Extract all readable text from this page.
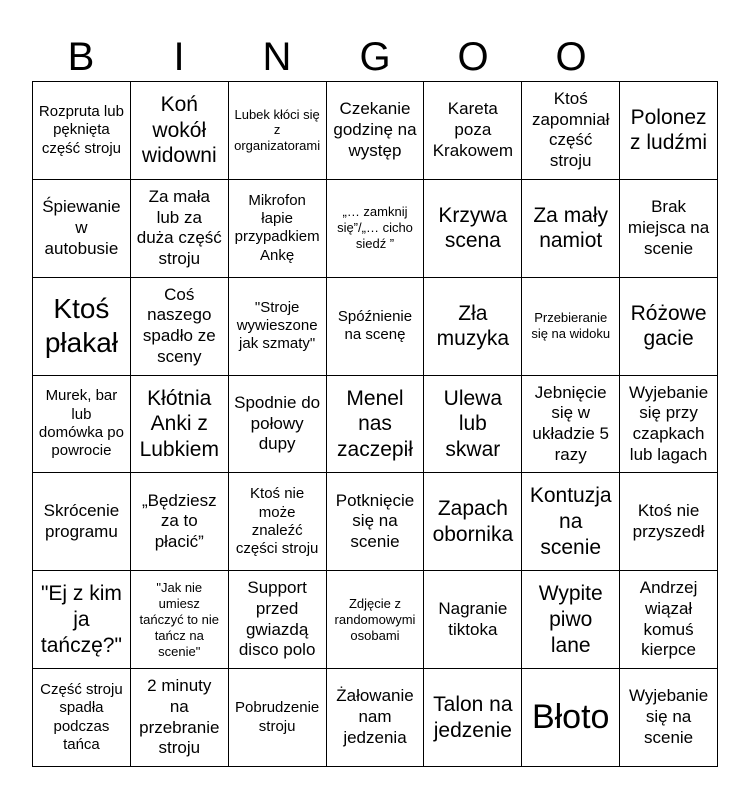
B	I	N	G	O	O
Rozpruta lub pęknięta część stroju
Koń wokół widowni
Lubek kłóci się z organizatorami
Czekanie godzinę na występ
Kareta poza Krakowem
Ktoś zapomniał część stroju
Polonez z ludźmi
Śpiewanie w autobusie
Za mała lub za duża część stroju
Mikrofon łapie przypadkiem Ankę
„… zamknij się”/„… cicho siedź ”
Krzywa scena
Za mały namiot
Brak miejsca na scenie
Ktoś płakał
Coś naszego spadło ze sceny
"Stroje wywieszone jak szmaty"
Spóźnienie na scenę
Zła muzyka
Przebieranie się na widoku
Różowe gacie
Murek, bar lub domówka po powrocie
Kłótnia Anki z Lubkiem
Spodnie do połowy dupy
Menel nas zaczepił
Ulewa lub skwar
Jebnięcie się w układzie 5 razy
Wyjebanie się przy czapkach lub lagach
Skrócenie programu
„Będziesz za to płacić”
Ktoś nie może znaleźć części stroju
Potknięcie się na scenie
Zapach obornika
Kontuzja na scenie
Ktoś nie przyszedł
"Ej z kim ja tańczę?"
"Jak nie umiesz tańczyć to nie tańcz na scenie"
Support przed gwiazdą disco polo
Zdjęcie z randomowymi osobami
Nagranie tiktoka
Wypite piwo lane
Andrzej wiązał komuś kierpce
Część stroju spadła podczas tańca
2 minuty na przebranie stroju
Pobrudzenie stroju
Żałowanie nam jedzenia
Talon na jedzenie Błoto
Wyjebanie się na scenie
